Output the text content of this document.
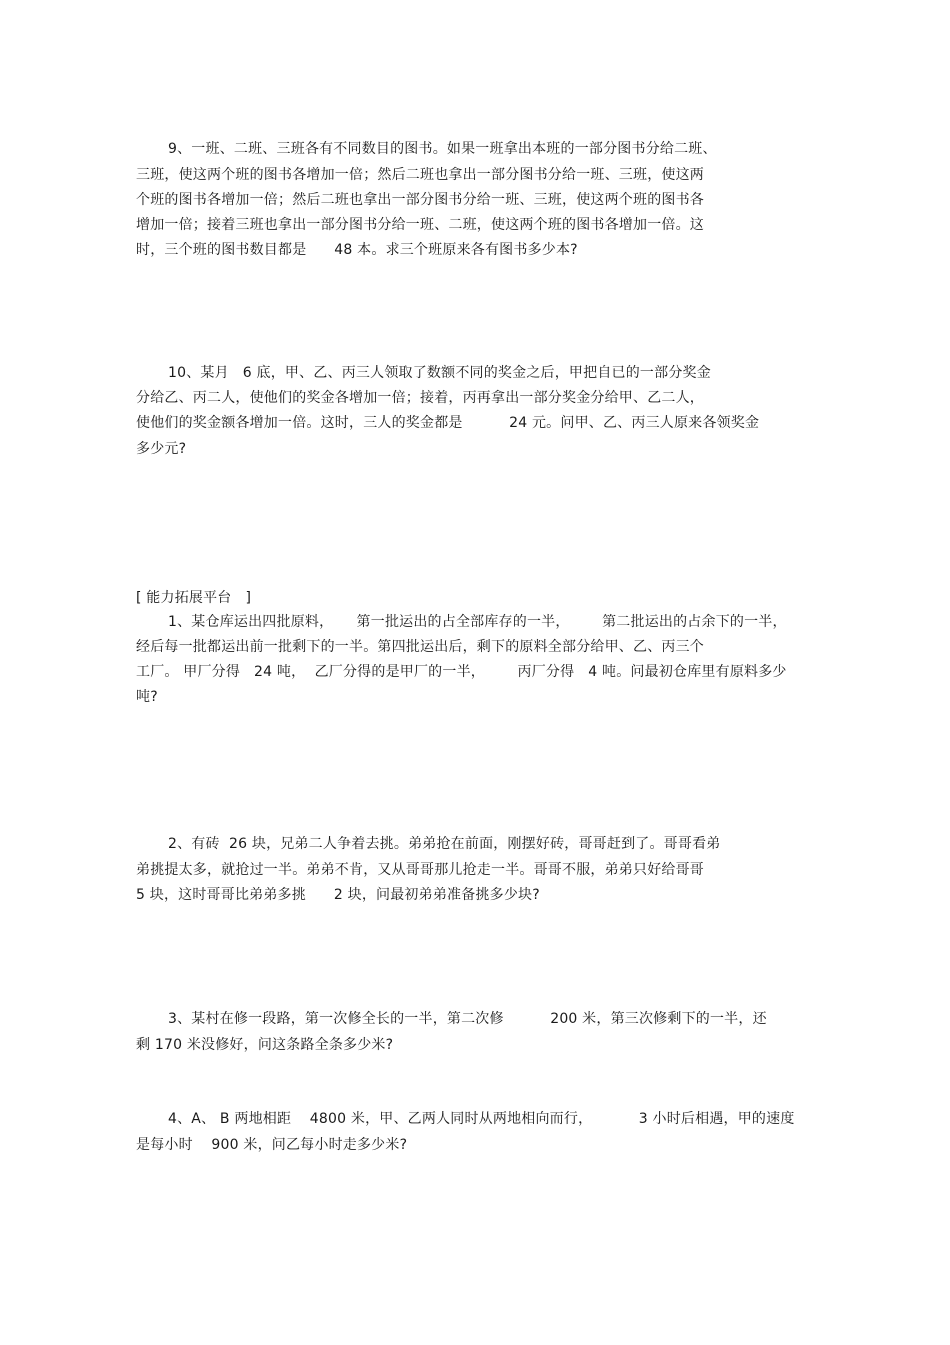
9、一班、二班、三班各有不同数目的图书。如果一班拿出本班的一部分图书分给二班、
三班，使这两个班的图书各增加一倍；然后二班也拿出一部分图书分给一班、三班，使这两
个班的图书各增加一倍；然后二班也拿出一部分图书分给一班、三班，使这两个班的图书各
增加一倍；接着三班也拿出一部分图书分给一班、二班，使这两个班的图书各增加一倍。这
时，三个班的图书数目都是      48 本。求三个班原来各有图书多少本?
10、某月   6 底，甲、乙、丙三人领取了数额不同的奖金之后，甲把自已的一部分奖金
分给乙、丙二人，使他们的奖金各增加一倍；接着，丙再拿出一部分奖金分给甲、乙二人，
使他们的奖金额各增加一倍。这时，三人的奖金都是          24 元。问甲、乙、丙三人原来各领奖金
多少元?
[ 能力拓展平台   ]
1、某仓库运出四批原料，     第一批运出的占全部库存的一半，       第二批运出的占余下的一半，
经后每一批都运出前一批剩下的一半。第四批运出后，剩下的原料全部分给甲、乙、丙三个
工厂。 甲厂分得   24 吨，  乙厂分得的是甲厂的一半，       丙厂分得   4 吨。问最初仓库里有原料多少
吨?
2、有砖  26 块，兄弟二人争着去挑。弟弟抢在前面，刚摆好砖，哥哥赶到了。哥哥看弟
弟挑提太多，就抢过一半。弟弟不肯，又从哥哥那儿抢走一半。哥哥不服，弟弟只好给哥哥
5 块，这时哥哥比弟弟多挑      2 块，问最初弟弟准备挑多少块?
3、某村在修一段路，第一次修全长的一半，第二次修          200 米，第三次修剩下的一半，还
剩 170 米没修好，问这条路全条多少米?
4、A、 B 两地相距    4800 米，甲、乙两人同时从两地相向而行，          3 小时后相遇，甲的速度
是每小时    900 米，问乙每小时走多少米?
